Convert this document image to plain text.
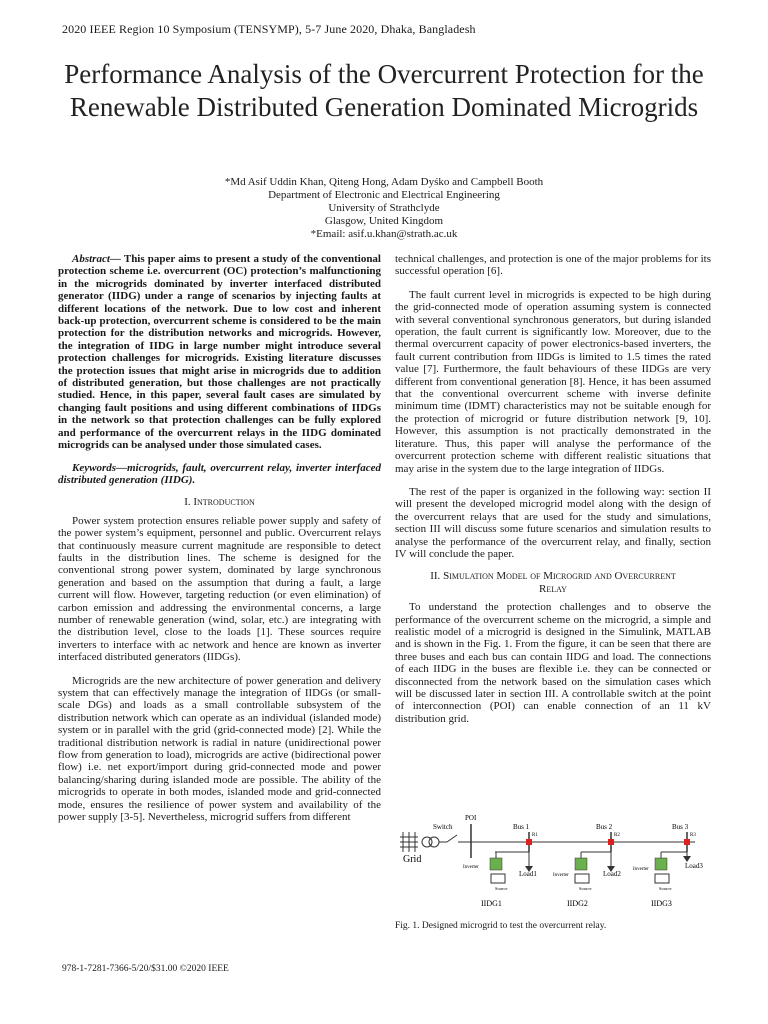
2020 IEEE Region 10 Symposium (TENSYMP), 5-7 June 2020, Dhaka, Bangladesh
Performance Analysis of the Overcurrent Protection for the Renewable Distributed Generation Dominated Microgrids
*Md Asif Uddin Khan, Qiteng Hong, Adam Dyśko and Campbell Booth
Department of Electronic and Electrical Engineering
University of Strathclyde
Glasgow, United Kingdom
*Email: asif.u.khan@strath.ac.uk

Abstract— This paper aims to present a study of the conventional protection scheme i.e. overcurrent (OC) protection’s malfunctioning in the microgrids dominated by inverter interfaced distributed generator (IIDG) under a range of scenarios by injecting faults at different locations of the network. Due to low cost and inherent back-up protection, overcurrent scheme is considered to be the main protection for the distribution networks and microgrids. However, the integration of IIDG in large number might introduce several protection challenges for microgrids. Existing literature discusses the protection issues that might arise in microgrids due to addition of distributed generation, but those challenges are not practically studied. Hence, in this paper, several fault cases are simulated by changing fault positions and using different combinations of IIDGs in the network so that protection challenges can be fully explored and performance of the overcurrent relays in the IIDG dominated microgrids can be analysed under those simulated cases.

Keywords—microgrids, fault, overcurrent relay, inverter interfaced distributed generation (IIDG).

I. Introduction

Power system protection ensures reliable power supply and safety of the power system’s equipment, personnel and public. Overcurrent relays that continuously measure current magnitude are responsible to detect faults in the distribution lines. The scheme is designed for the conventional strong power system, dominated by large synchronous generation and based on the assumption that during a fault, a large current will flow. However, targeting reduction (or even elimination) of carbon emission and addressing the environmental concerns, a large number of renewable generation (wind, solar, etc.) are integrating with the distribution level, close to the loads [1]. These sources require inverters to interface with ac network and hence are known as inverter interfaced distributed generators (IIDGs).

Microgrids are the new architecture of power generation and delivery system that can effectively manage the integration of IIDGs (or small-scale DGs) and loads as a small controllable subsystem of the distribution network which can operate as an individual (islanded mode) system or in parallel with the grid (grid-connected mode) [2]. While the traditional distribution network is radial in nature (unidirectional power flow from generation to load), microgrids are active (bidirectional power flow) i.e. net export/import during grid-connected mode and power balancing/sharing during islanded mode are possible. The ability of the microgrids to operate in both modes, islanded mode and grid-connected mode, ensures the resilience of power system and availability of the power supply [3-5]. Nevertheless, microgrid suffers from different

technical challenges, and protection is one of the major problems for its successful operation [6].

The fault current level in microgrids is expected to be high during the grid-connected mode of operation assuming system is connected with several conventional synchronous generators, but during islanded operation, the fault current is significantly low. Moreover, due to the thermal overcurrent capacity of power electronics-based inverters, the fault current contribution from IIDGs is limited to 1.5 times the rated value [7]. Furthermore, the fault behaviours of these IIDGs are very different from conventional generation [8]. Hence, it has been assumed that the conventional overcurrent scheme with inverse definite minimum time (IDMT) characteristics may not be suitable enough for the protection of microgrid or future distribution network [9, 10]. However, this assumption is not practically demonstrated in the literature. Thus, this paper will analyse the performance of the overcurrent protection scheme with different realistic situations that may arise in the system due to the large integration of IIDGs.

The rest of the paper is organized in the following way: section II will present the developed microgrid model along with the design of the overcurrent relays that are used for the study and simulations, section III will discuss some future scenarios and simulation results to analyse the performance of the overcurrent relay, and finally, section IV will conclude the paper.

II. Simulation Model of Microgrid and Overcurrent
Relay

To understand the protection challenges and to observe the performance of the overcurrent scheme on the microgrid, a simple and realistic model of a microgrid is designed in the Simulink, MATLAB and is shown in the Fig. 1. From the figure, it can be seen that there are three buses and each bus can contain IIDG and load. The connections of each IIDG in the buses are flexible i.e. they can be connected or disconnected from the network based on the simulation cases which will be discussed later in section III. A controllable switch at the point of interconnection (POI) can enable connection of an 11 kV distribution grid.

Grid
Switch
POI
Bus 1
R1
Inverter
Source
IIDG1
Load1
Bus 2
R2
Inverter
Source
IIDG2
Load2
Bus 3
R3
Load3
Inverter
Source
IIDG3
Fig. 1. Designed microgrid to test the overcurrent relay.
978-1-7281-7366-5/20/$31.00 ©2020 IEEE
